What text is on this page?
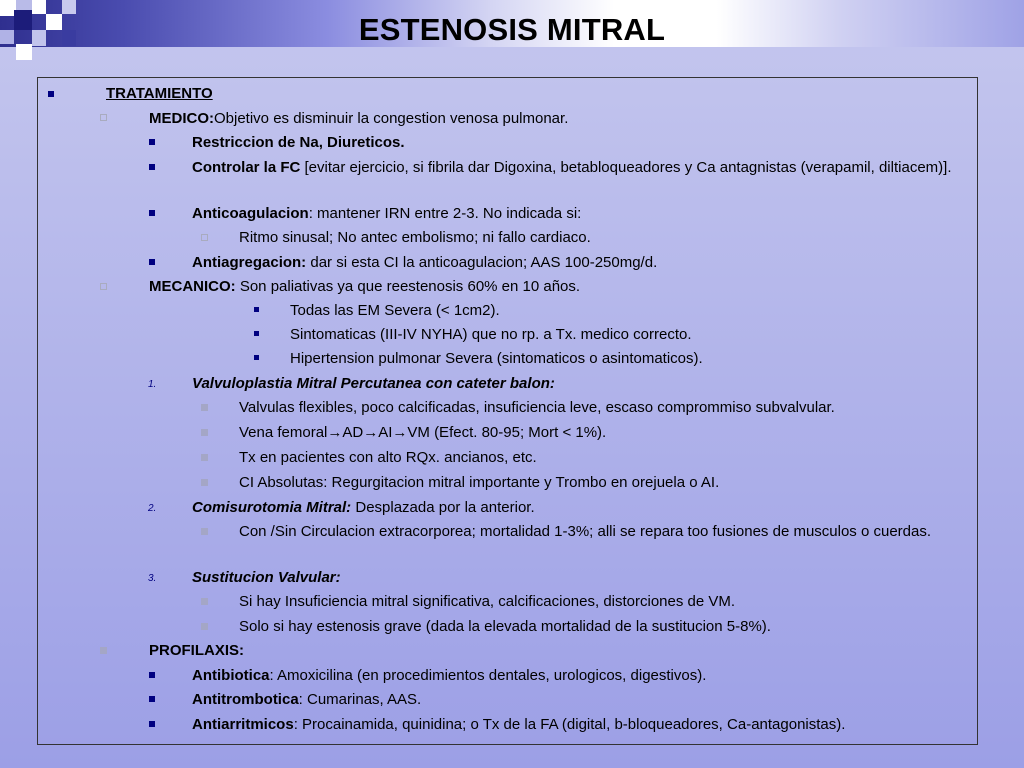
ESTENOSIS MITRAL
TRATAMIENTO
MEDICO:Objetivo es disminuir la congestion venosa pulmonar.
Restriccion de Na, Diureticos.
Controlar la FC [evitar ejercicio, si fibrila dar Digoxina, betabloqueadores y Ca antagnistas (verapamil, diltiacem)].
Anticoagulacion: mantener IRN entre 2-3. No indicada si:
Ritmo sinusal; No antec embolismo; ni fallo cardiaco.
Antiagregacion: dar si esta CI la anticoagulacion; AAS 100-250mg/d.
MECANICO: Son paliativas ya que reestenosis 60% en 10 años.
Todas las EM Severa (< 1cm2).
Sintomaticas (III-IV NYHA) que no rp. a Tx. medico correcto.
Hipertension pulmonar Severa (sintomaticos o asintomaticos).
1. Valvuloplastia Mitral Percutanea con cateter balon:
Valvulas flexibles, poco calcificadas, insuficiencia leve, escaso comprommiso subvalvular.
Vena femoral→AD→AI→VM (Efect. 80-95; Mort < 1%).
Tx en pacientes con alto RQx. ancianos, etc.
CI Absolutas: Regurgitacion mitral importante y Trombo en orejuela o AI.
2. Comisurotomia Mitral: Desplazada por la anterior.
Con /Sin Circulacion extracorporea; mortalidad 1-3%; alli se repara too fusiones de musculos o cuerdas.
3. Sustitucion Valvular:
Si hay Insuficiencia mitral significativa, calcificaciones, distorciones de VM.
Solo si hay estenosis grave (dada la elevada mortalidad de la sustitucion 5-8%).
PROFILAXIS:
Antibiotica: Amoxicilina (en procedimientos dentales, urologicos, digestivos).
Antitrombotica: Cumarinas, AAS.
Antiarritmicos: Procainamida, quinidina; o Tx de la FA (digital, b-bloqueadores, Ca-antagonistas).
